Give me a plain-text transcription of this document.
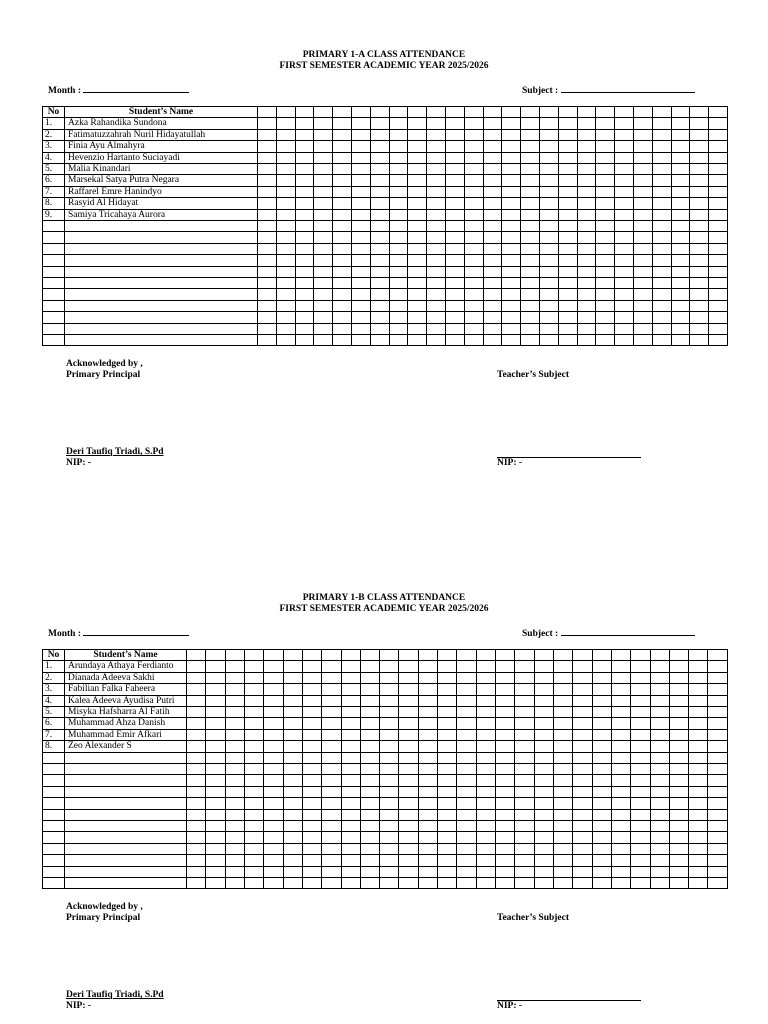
PRIMARY 1-A CLASS ATTENDANCE
FIRST SEMESTER ACADEMIC YEAR 2025/2026
Month :	Subject :
No	Student’s Name																									
1.	Azka Rahandika Sundona																									
2.	Fatimatuzzahrah Nuril Hidayatullah																									
3.	Finia Ayu Almahyra																									
4.	Hevenzio Hartanto Suciayadi																									
5.	Malia Kinandari																									
6.	Marsekal Satya Putra Negara																									
7.	Raffarel Emre Hanindyo																									
8.	Rasyid Al Hidayat																									
9.	Samiya Tricahaya Aurora																									

Acknowledged by ,
Primary Principal	Teacher’s Subject
Deri Taufiq Triadi, S.Pd
NIP: -	NIP: -
PRIMARY 1-B CLASS ATTENDANCE
FIRST SEMESTER ACADEMIC YEAR 2025/2026
Month :	Subject :
No	Student’s Name																												
1.	Arundaya Athaya Ferdianto																												
2.	Dianada Adeeva Sakhi																												
3.	Fabilian Falka Faheera																												
4.	Kalea Adeeva Ayudisa Putri																												
5.	Misyka Hafsharra Al Fatih																												
6.	Muhammad Ahza Danish																												
7.	Muhammad Emir Afkari																												
8.	Zeo Alexander S																												

Acknowledged by ,
Primary Principal	Teacher’s Subject
Deri Taufiq Triadi, S.Pd
NIP: -	NIP: -
